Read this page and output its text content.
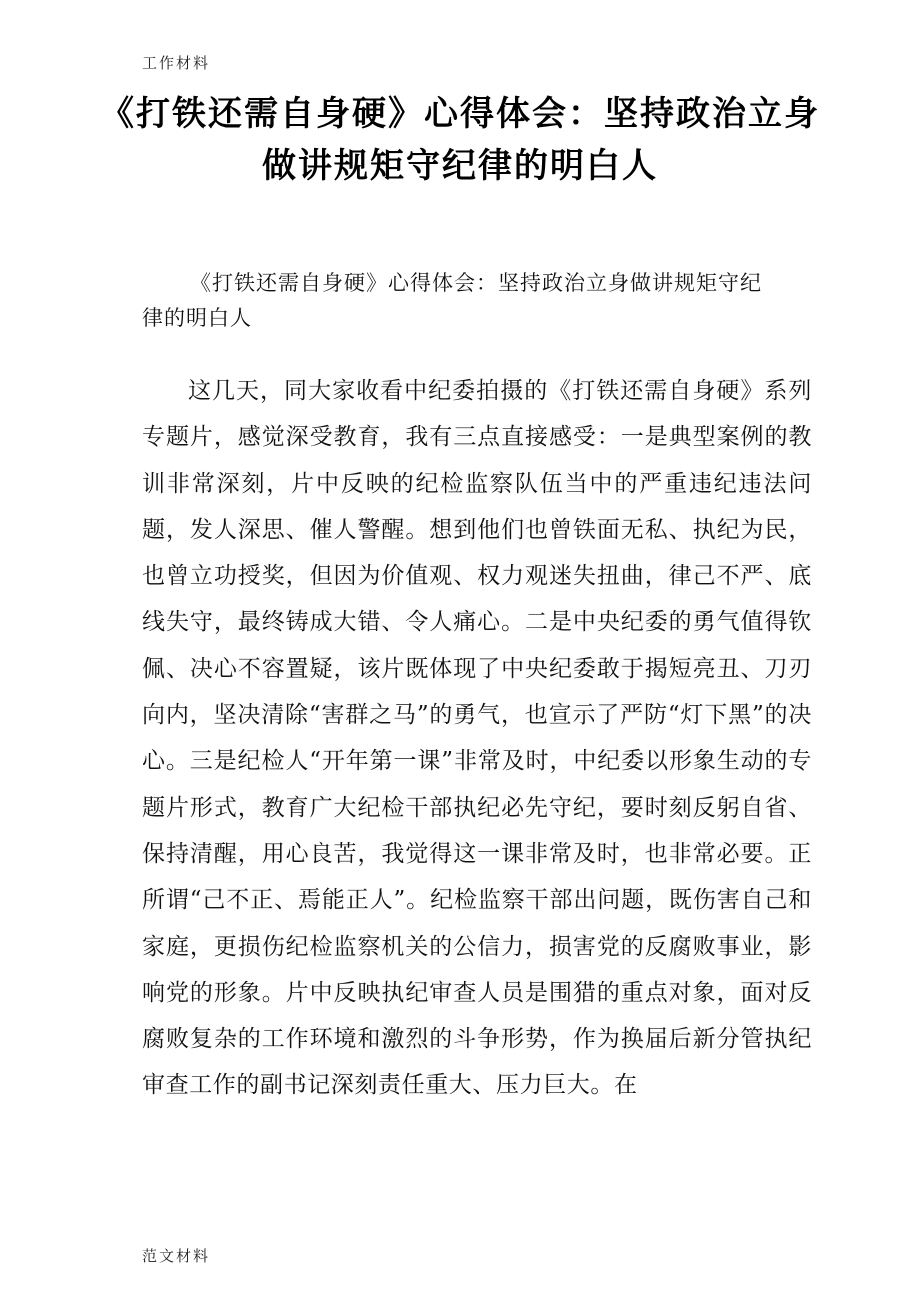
工作材料
《打铁还需自身硬》心得体会：坚持政治立身 做讲规矩守纪律的明白人

《打铁还需自身硬》心得体会：坚持政治立身做讲规矩守纪律的明白人

这几天，同大家收看中纪委拍摄的《打铁还需自身硬》系列专题片，感觉深受教育，我有三点直接感受：一是典型案例的教训非常深刻，片中反映的纪检监察队伍当中的严重违纪违法问题，发人深思、催人警醒。想到他们也曾铁面无私、执纪为民，也曾立功授奖，但因为价值观、权力观迷失扭曲，律己不严、底线失守，最终铸成大错、令人痛心。二是中央纪委的勇气值得钦佩、决心不容置疑，该片既体现了中央纪委敢于揭短亮丑、刀刃向内，坚决清除“害群之马”的勇气，也宣示了严防“灯下黑”的决心。三是纪检人“开年第一课”非常及时，中纪委以形象生动的专题片形式，教育广大纪检干部执纪必先守纪，要时刻反躬自省、保持清醒，用心良苦，我觉得这一课非常及时，也非常必要。正所谓“己不正、焉能正人”。纪检监察干部出问题，既伤害自己和家庭，更损伤纪检监察机关的公信力，损害党的反腐败事业，影响党的形象。片中反映执纪审查人员是围猎的重点对象，面对反腐败复杂的工作环境和激烈的斗争形势，作为换届后新分管执纪审查工作的副书记深刻责任重大、压力巨大。在

范文材料
